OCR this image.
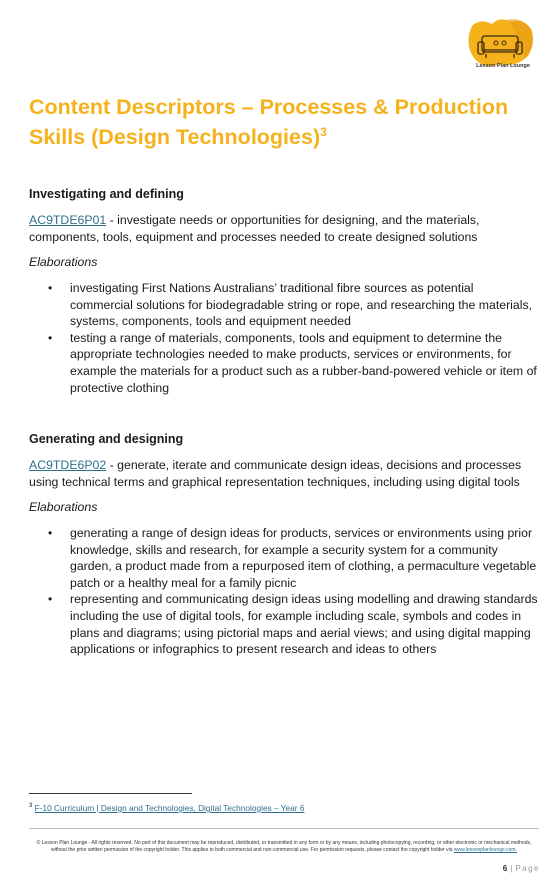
Lesson Plan Lounge
Content Descriptors – Processes & Production Skills (Design Technologies)$^3$
Investigating and defining

AC9TDE6P01 - investigate needs or opportunities for designing, and the materials, components, tools, equipment and processes needed to create designed solutions

Elaborations
• investigating First Nations Australians’ traditional fibre sources as potential commercial solutions for biodegradable string or rope, and researching the materials, systems, components, tools and equipment needed
• testing a range of materials, components, tools and equipment to determine the appropriate technologies needed to make products, services or environments, for example the materials for a product such as a rubber-band-powered vehicle or item of protective clothing
Generating and designing

AC9TDE6P02 - generate, iterate and communicate design ideas, decisions and processes using technical terms and graphical representation techniques, including using digital tools

Elaborations
• generating a range of design ideas for products, services or environments using prior knowledge, skills and research, for example a security system for a community garden, a product made from a repurposed item of clothing, a permaculture vegetable patch or a healthy meal for a family picnic
• representing and communicating design ideas using modelling and drawing standards including the use of digital tools, for example including scale, symbols and codes in plans and diagrams; using pictorial maps and aerial views; and using digital mapping applications or infographics to present research and ideas to others
$^3$ F-10 Curriculum | Design and Technologies, Digital Technologies – Year 6
© Lesson Plan Lounge - All rights reserved. No part of this document may be reproduced, distributed, or transmitted in any form or by any means, including photocopying, recording, or other electronic or mechanical methods, without the prior written permission of the copyright holder. This applies to both commercial and non-commercial use. For permission requests, please contact the copyright holder via www.lessonplanlounge.com.
6 | Page
